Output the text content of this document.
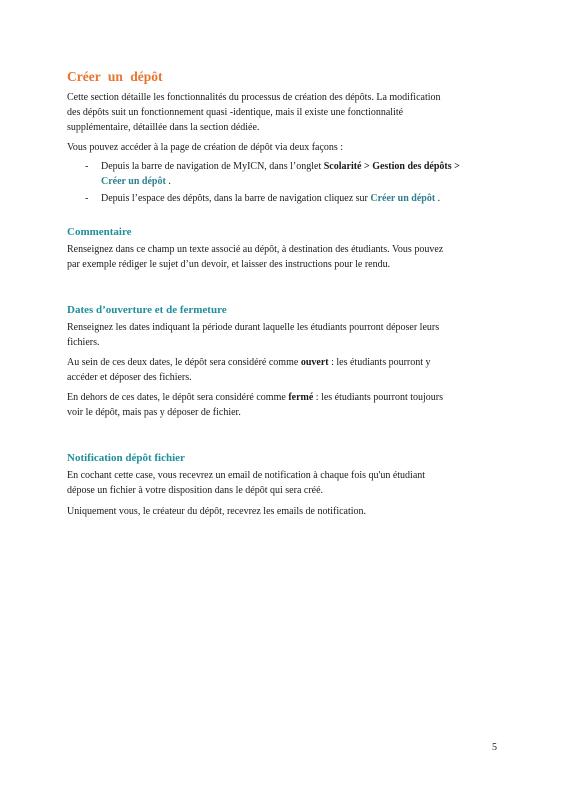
Créer un dépôt

Cette section détaille les fonctionnalités du processus de création des dépôts. La modification

des dépôts suit un fonctionnement quasi -identique, mais il existe une fonctionnalité

supplémentaire, détaillée dans la section dédiée.

Vous pouvez accéder à la page de création de dépôt via deux façons :

- Depuis la barre de navigation de MyICN, dans l’onglet Scolarité > Gestion des dépôts >
Créer un dépôt .
- Depuis l’espace des dépôts, dans la barre de navigation cliquez sur Créer un dépôt .
Commentaire

Renseignez dans ce champ un texte associé au dépôt, à destination des étudiants. Vous pouvez

par exemple rédiger le sujet d’un devoir, et laisser des instructions pour le rendu.

Dates d’ouverture et de fermeture

Renseignez les dates indiquant la période durant laquelle les étudiants pourront déposer leurs

fichiers.

Au sein de ces deux dates, le dépôt sera considéré comme ouvert : les étudiants pourront y

accéder et déposer des fichiers.

En dehors de ces dates, le dépôt sera considéré comme fermé : les étudiants pourront toujours

voir le dépôt, mais pas y déposer de fichier.

Notification dépôt fichier

En cochant cette case, vous recevrez un email de notification à chaque fois qu'un étudiant

dépose un fichier à votre disposition dans le dépôt qui sera créé.

Uniquement vous, le créateur du dépôt, recevrez les emails de notification.

5
